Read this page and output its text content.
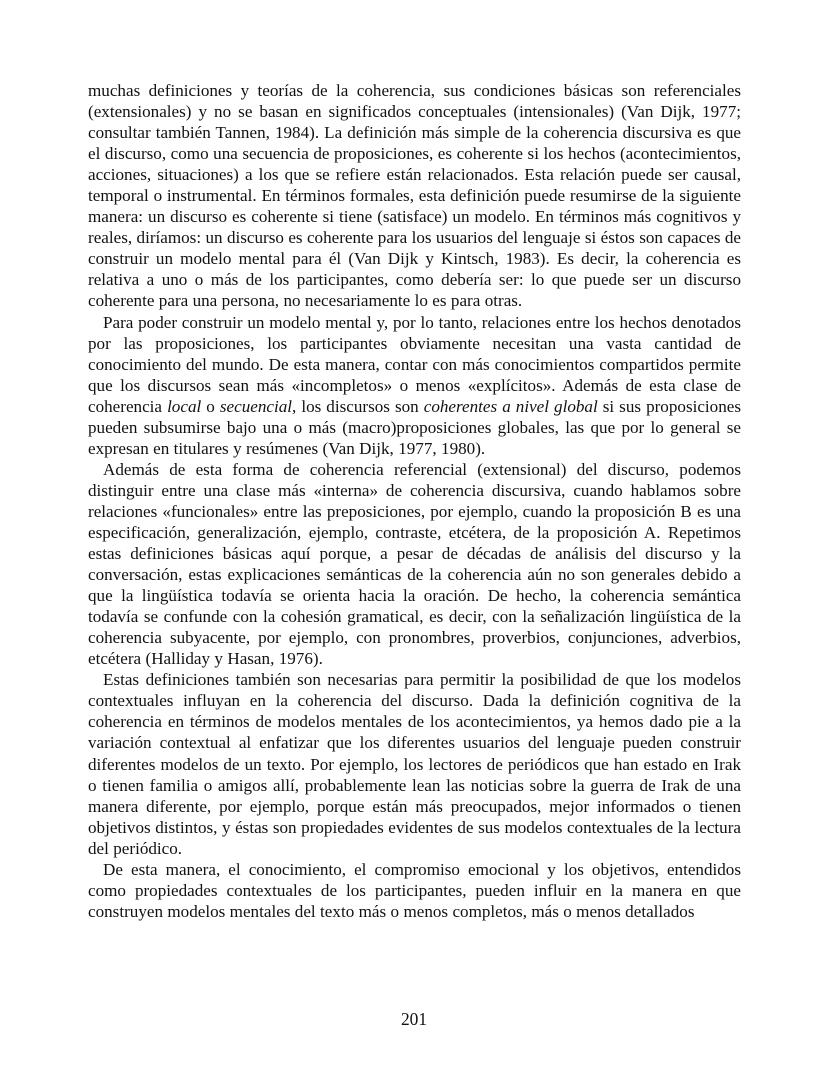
muchas definiciones y teorías de la coherencia, sus condiciones básicas son referenciales (extensionales) y no se basan en significados conceptuales (intensionales) (Van Dijk, 1977; consultar también Tannen, 1984). La definición más simple de la coherencia discursiva es que el discurso, como una secuencia de proposiciones, es coherente si los hechos (acontecimientos, acciones, situaciones) a los que se refiere están relacionados. Esta relación puede ser causal, temporal o instrumental. En términos formales, esta definición puede resumirse de la siguiente manera: un discurso es coherente si tiene (satisface) un modelo. En términos más cognitivos y reales, diríamos: un discurso es coherente para los usuarios del lenguaje si éstos son capaces de construir un modelo mental para él (Van Dijk y Kintsch, 1983). Es decir, la coherencia es relativa a uno o más de los participantes, como debería ser: lo que puede ser un discurso coherente para una persona, no necesariamente lo es para otras.

Para poder construir un modelo mental y, por lo tanto, relaciones entre los hechos denotados por las proposiciones, los participantes obviamente necesitan una vasta cantidad de conocimiento del mundo. De esta manera, contar con más conocimientos compartidos permite que los discursos sean más «incompletos» o menos «explícitos». Además de esta clase de coherencia local o secuencial, los discursos son coherentes a nivel global si sus proposiciones pueden subsumirse bajo una o más (macro)proposiciones globales, las que por lo general se expresan en titulares y resúmenes (Van Dijk, 1977, 1980).

Además de esta forma de coherencia referencial (extensional) del discurso, podemos distinguir entre una clase más «interna» de coherencia discursiva, cuando hablamos sobre relaciones «funcionales» entre las preposiciones, por ejemplo, cuando la proposición B es una especificación, generalización, ejemplo, contraste, etcétera, de la proposición A. Repetimos estas definiciones básicas aquí porque, a pesar de décadas de análisis del discurso y la conversación, estas explicaciones semánticas de la coherencia aún no son generales debido a que la lingüística todavía se orienta hacia la oración. De hecho, la coherencia semántica todavía se confunde con la cohesión gramatical, es decir, con la señalización lingüística de la coherencia subyacente, por ejemplo, con pronombres, proverbios, conjunciones, adverbios, etcétera (Halliday y Hasan, 1976).

Estas definiciones también son necesarias para permitir la posibilidad de que los modelos contextuales influyan en la coherencia del discurso. Dada la definición cognitiva de la coherencia en términos de modelos mentales de los acontecimientos, ya hemos dado pie a la variación contextual al enfatizar que los diferentes usuarios del lenguaje pueden construir diferentes modelos de un texto. Por ejemplo, los lectores de periódicos que han estado en Irak o tienen familia o amigos allí, probablemente lean las noticias sobre la guerra de Irak de una manera diferente, por ejemplo, porque están más preocupados, mejor informados o tienen objetivos distintos, y éstas son propiedades evidentes de sus modelos contextuales de la lectura del periódico.

De esta manera, el conocimiento, el compromiso emocional y los objetivos, entendidos como propiedades contextuales de los participantes, pueden influir en la manera en que construyen modelos mentales del texto más o menos completos, más o menos detallados

201
